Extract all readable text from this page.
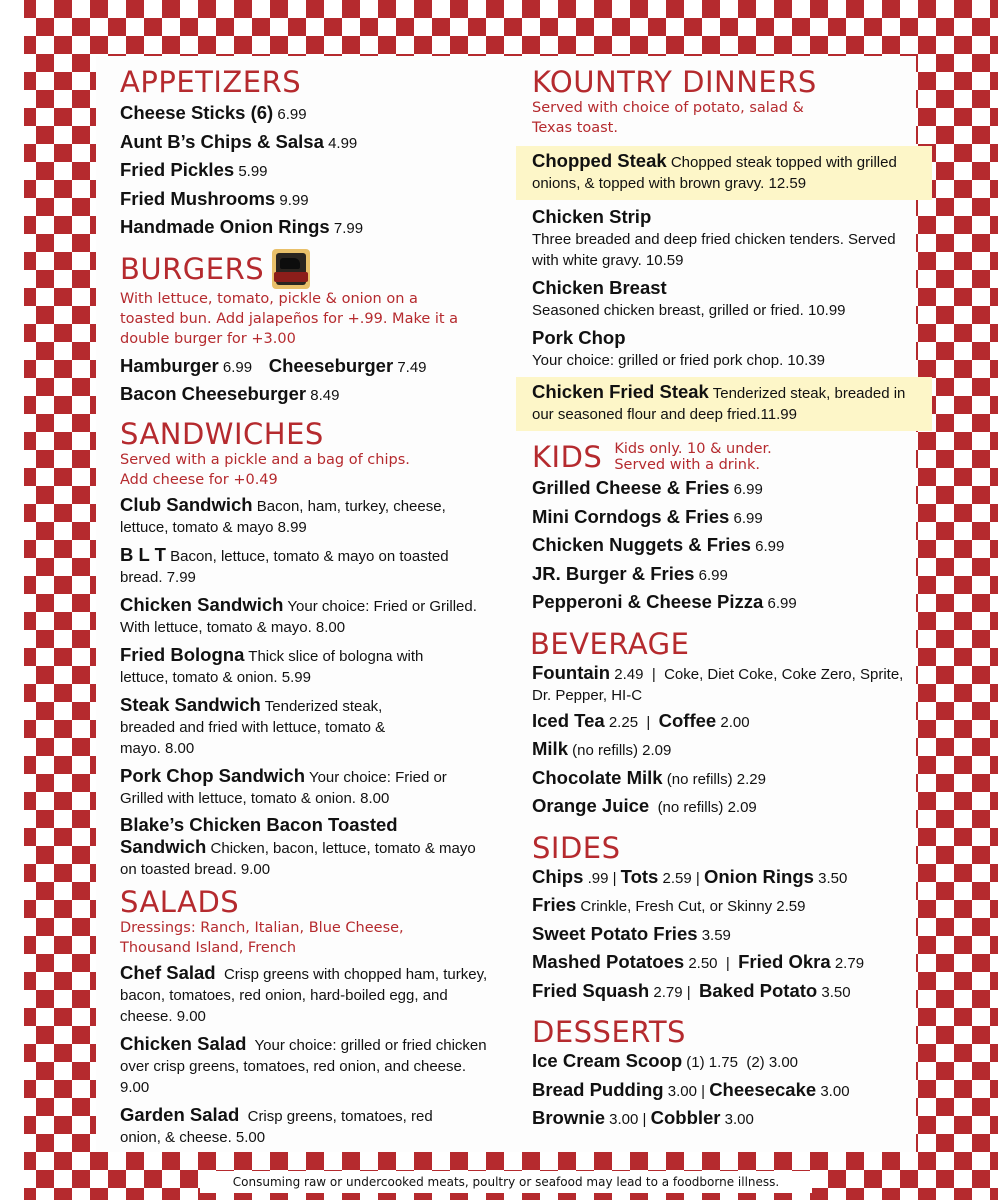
APPETIZERS
Cheese Sticks (6) 6.99
Aunt B’s Chips & Salsa 4.99
Fried Pickles 5.99
Fried Mushrooms 9.99
Handmade Onion Rings 7.99
BURGERS
With lettuce, tomato, pickle & onion on a toasted bun. Add jalapeños for +.99. Make it a double burger for +3.00
Hamburger 6.99 Cheeseburger 7.49
Bacon Cheeseburger 8.49
SANDWICHES
Served with a pickle and a bag of chips. Add cheese for +0.49
Club Sandwich Bacon, ham, turkey, cheese, lettuce, tomato & mayo 8.99
B L T Bacon, lettuce, tomato & mayo on toasted bread. 7.99
Chicken Sandwich Your choice: Fried or Grilled. With lettuce, tomato & mayo. 8.00
Fried Bologna Thick slice of bologna with lettuce, tomato & onion. 5.99
Steak Sandwich Tenderized steak, breaded and fried with lettuce, tomato & mayo. 8.00
Pork Chop Sandwich Your choice: Fried or Grilled with lettuce, tomato & onion. 8.00
Blake’s Chicken Bacon Toasted Sandwich Chicken, bacon, lettuce, tomato & mayo on toasted bread. 9.00
SALADS
Dressings: Ranch, Italian, Blue Cheese, Thousand Island, French
Chef Salad Crisp greens with chopped ham, turkey, bacon, tomatoes, red onion, hard-boiled egg, and cheese. 9.00
Chicken Salad Your choice: grilled or fried chicken over crisp greens, tomatoes, red onion, and cheese. 9.00
Garden Salad Crisp greens, tomatoes, red onion, & cheese. 5.00
KOUNTRY DINNERS
Served with choice of potato, salad & Texas toast.
Chopped Steak Chopped steak topped with grilled onions, & topped with brown gravy. 12.59
Chicken Strip
Three breaded and deep fried chicken tenders. Served with white gravy. 10.59
Chicken Breast
Seasoned chicken breast, grilled or fried. 10.99
Pork Chop
Your choice: grilled or fried pork chop. 10.39
Chicken Fried Steak Tenderized steak, breaded in our seasoned flour and deep fried.11.99
KIDS Kids only. 10 & under.
Served with a drink.
Grilled Cheese & Fries 6.99
Mini Corndogs & Fries 6.99
Chicken Nuggets & Fries 6.99
JR. Burger & Fries 6.99
Pepperoni & Cheese Pizza 6.99
BEVERAGE
Fountain 2.49 | Coke, Diet Coke, Coke Zero, Sprite, Dr. Pepper, HI-C
Iced Tea 2.25 | Coffee 2.00
Milk (no refills) 2.09
Chocolate Milk (no refills) 2.29
Orange Juice (no refills) 2.09
SIDES
Chips .99 | Tots 2.59 | Onion Rings 3.50
Fries Crinkle, Fresh Cut, or Skinny 2.59
Sweet Potato Fries 3.59
Mashed Potatoes 2.50 | Fried Okra 2.79
Fried Squash 2.79 | Baked Potato 3.50
DESSERTS
Ice Cream Scoop (1) 1.75  (2) 3.00
Bread Pudding 3.00 | Cheesecake 3.00
Brownie 3.00 | Cobbler 3.00
Consuming raw or undercooked meats, poultry or seafood may lead to a foodborne illness.
